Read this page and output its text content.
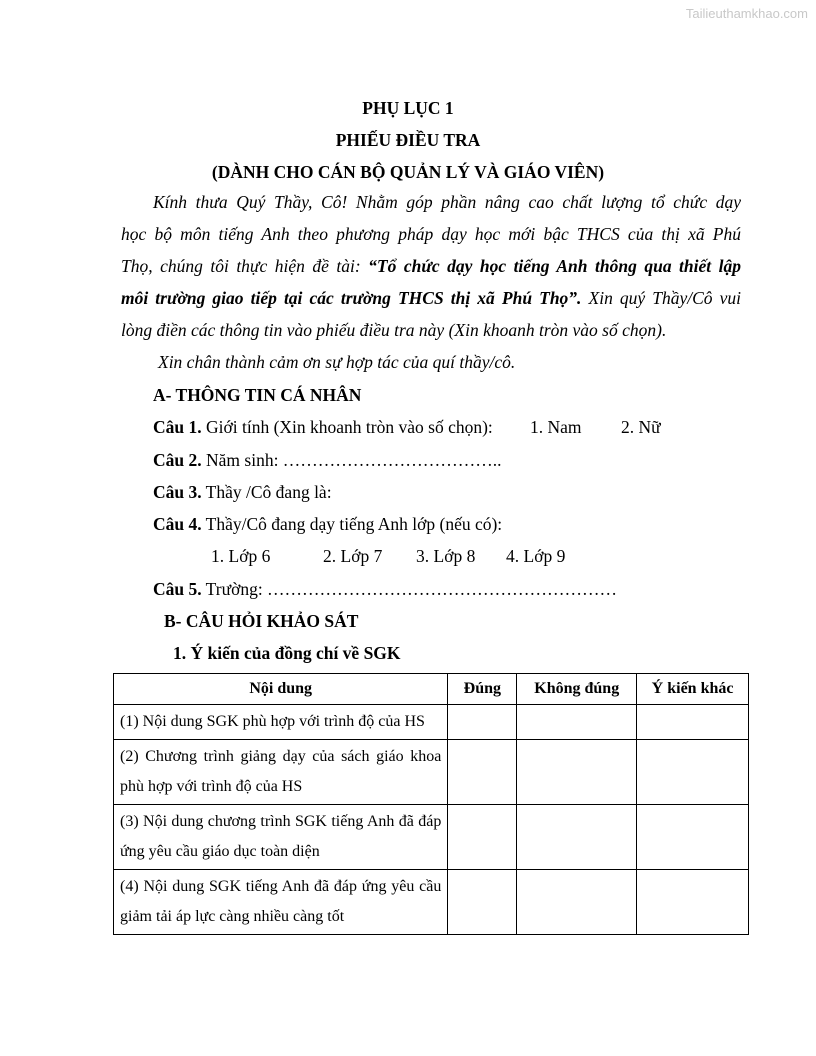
Tailieuthamkhao.com
PHỤ LỤC 1
PHIẾU ĐIỀU TRA
(DÀNH CHO CÁN BỘ QUẢN LÝ VÀ GIÁO VIÊN)
Kính thưa Quý Thầy, Cô! Nhằm góp phần nâng cao chất lượng tổ chức dạy
học bộ môn tiếng Anh theo phương pháp dạy học mới bậc THCS của thị xã Phú
Thọ, chúng tôi thực hiện đề tài: “Tổ chức dạy học tiếng Anh thông qua thiết lập
môi trường giao tiếp tại các trường THCS thị xã Phú Thọ”. Xin quý Thầy/Cô vui
lòng điền các thông tin vào phiếu điều tra này (Xin khoanh tròn vào số chọn).
Xin chân thành cảm ơn sự hợp tác của quí thầy/cô.
A- THÔNG TIN CÁ NHÂN
Câu 1. Giới tính (Xin khoanh tròn vào số chọn): 1. Nam 2. Nữ
Câu 2. Năm sinh: ………………………………..
Câu 3. Thầy /Cô đang là:
Câu 4. Thầy/Cô đang dạy tiếng Anh lớp (nếu có):
1. Lớp 6	2. Lớp 7 3. Lớp 8 4. Lớp 9
Câu 5. Trường: ……………………………………………………
B- CÂU HỎI KHẢO SÁT
1. Ý kiến của đồng chí về SGK
Nội dung	Đúng	Không đúng	Ý kiến khác
(1) Nội dung SGK phù hợp với trình độ của HS			
(2) Chương trình giảng dạy của sách giáo khoa phù hợp với trình độ của HS			
(3) Nội dung chương trình SGK tiếng Anh đã đáp ứng yêu cầu giáo dục toàn diện			
(4) Nội dung SGK tiếng Anh đã đáp ứng yêu cầu giảm tải áp lực càng nhiều càng tốt			
